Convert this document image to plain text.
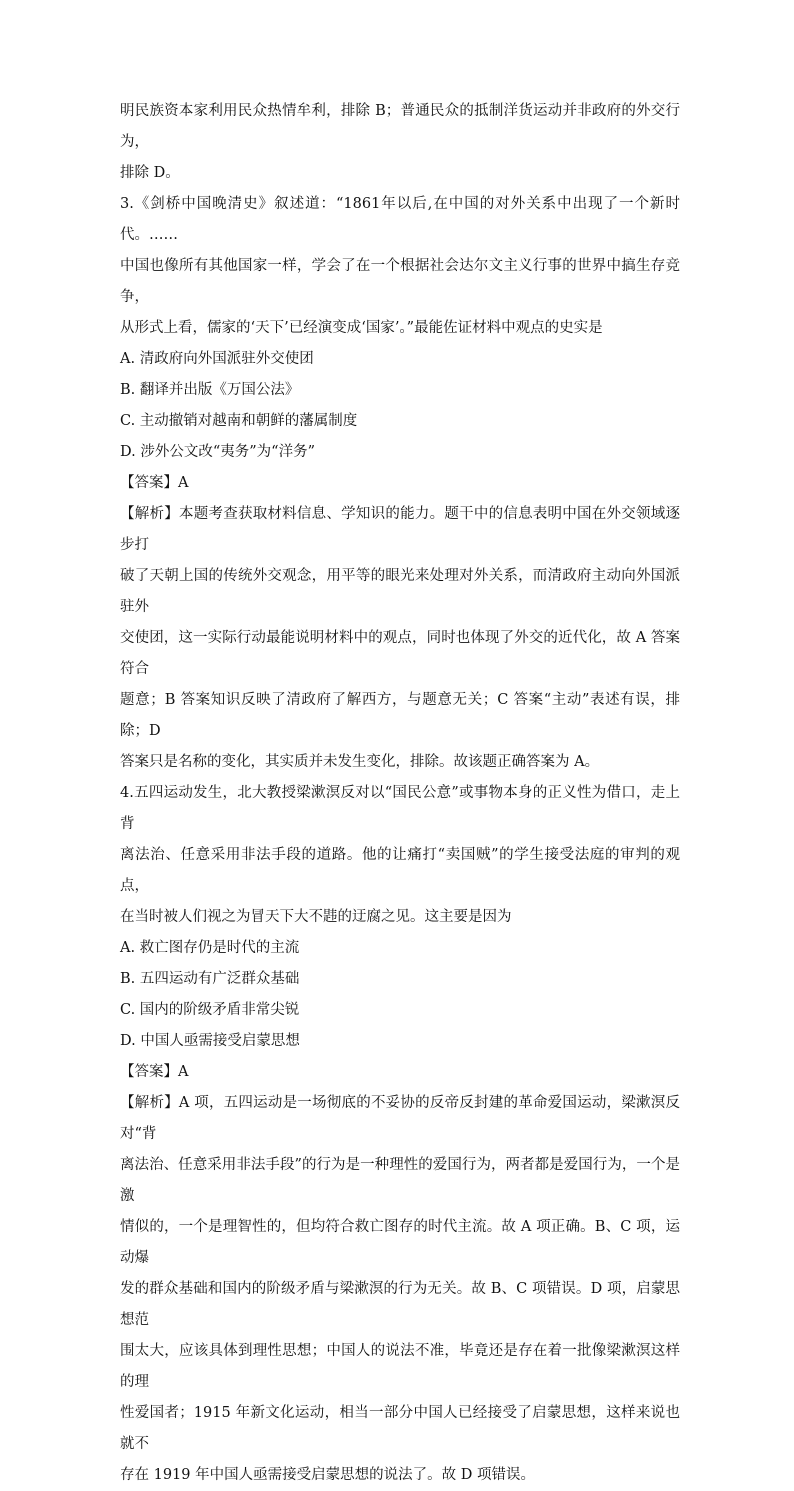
明民族资本家利用民众热情牟利，排除 B；普通民众的抵制洋货运动并非政府的外交行为，

排除 D。

3.《剑桥中国晚清史》叙述道：“1861年以后,在中国的对外关系中出现了一个新时代。……

中国也像所有其他国家一样，学会了在一个根据社会达尔文主义行事的世界中搞生存竞争，

从形式上看，儒家的‘天下’已经演变成‘国家’。”最能佐证材料中观点的史实是

A. 清政府向外国派驻外交使团

B. 翻译并出版《万国公法》

C. 主动撤销对越南和朝鲜的藩属制度

D. 涉外公文改“夷务”为“洋务”

【答案】A

【解析】本题考查获取材料信息、学知识的能力。题干中的信息表明中国在外交领域逐步打

破了天朝上国的传统外交观念，用平等的眼光来处理对外关系，而清政府主动向外国派驻外

交使团，这一实际行动最能说明材料中的观点，同时也体现了外交的近代化，故 A 答案符合

题意；B 答案知识反映了清政府了解西方，与题意无关；C 答案“主动”表述有误，排除；D

答案只是名称的变化，其实质并未发生变化，排除。故该题正确答案为 A。

4.五四运动发生，北大教授梁漱溟反对以“国民公意”或事物本身的正义性为借口，走上背

离法治、任意采用非法手段的道路。他的让痛打“卖国贼”的学生接受法庭的审判的观点，

在当时被人们视之为冒天下大不韪的迂腐之见。这主要是因为

A. 救亡图存仍是时代的主流

B. 五四运动有广泛群众基础

C. 国内的阶级矛盾非常尖锐

D. 中国人亟需接受启蒙思想

【答案】A

【解析】A 项，五四运动是一场彻底的不妥协的反帝反封建的革命爱国运动，梁漱溟反对“背

离法治、任意采用非法手段”的行为是一种理性的爱国行为，两者都是爱国行为，一个是激

情似的，一个是理智性的，但均符合救亡图存的时代主流。故 A 项正确。B、C 项，运动爆

发的群众基础和国内的阶级矛盾与梁漱溟的行为无关。故 B、C 项错误。D 项，启蒙思想范

围太大，应该具体到理性思想；中国人的说法不准，毕竟还是存在着一批像梁漱溟这样的理

性爱国者；1915 年新文化运动，相当一部分中国人已经接受了启蒙思想，这样来说也就不

存在 1919 年中国人亟需接受启蒙思想的说法了。故 D 项错误。
